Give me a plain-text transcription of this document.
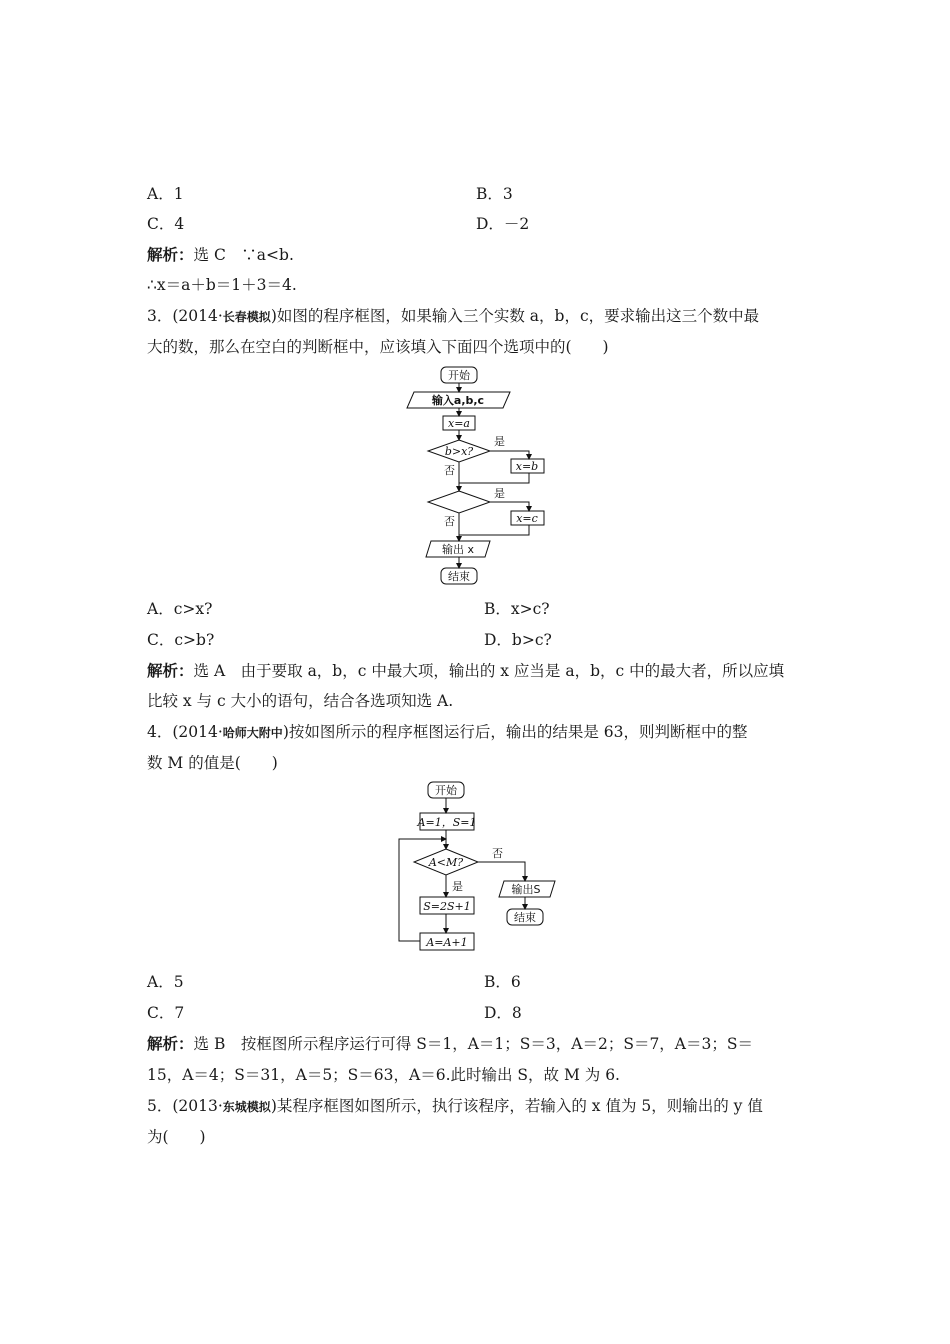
A．1	B．3
C．4	D．－2
解析：选 C　∵a<b.
∴x＝a＋b＝1＋3＝4.
3．(2014·长春模拟)如图的程序框图，如果输入三个实数 a，b，c，要求输出这三个数中最
大的数，那么在空白的判断框中，应该填入下面四个选项中的(　　)
开始
输入a,b,c
x=a
b>x?
是
否	x=b
是
否	x=c
输出 x
结束
A．c>x?	B．x>c?
C．c>b?	D．b>c?
解析：选 A　由于要取 a，b，c 中最大项，输出的 x 应当是 a，b，c 中的最大者，所以应填
比较 x 与 c 大小的语句，结合各选项知选 A.
4．(2014·哈师大附中)按如图所示的程序框图运行后，输出的结果是 63，则判断框中的整
数 M 的值是(　　)
开始
A=1，S=1
A<M?
否
是
S=2S+1
A=A+1
输出S
结束
A．5	B．6
C．7	D．8
解析：选 B　按框图所示程序运行可得 S＝1，A＝1；S＝3，A＝2；S＝7，A＝3；S＝
15，A＝4；S＝31，A＝5；S＝63，A＝6.此时输出 S，故 M 为 6.
5．(2013·东城模拟)某程序框图如图所示，执行该程序，若输入的 x 值为 5，则输出的 y 值
为(　　)
